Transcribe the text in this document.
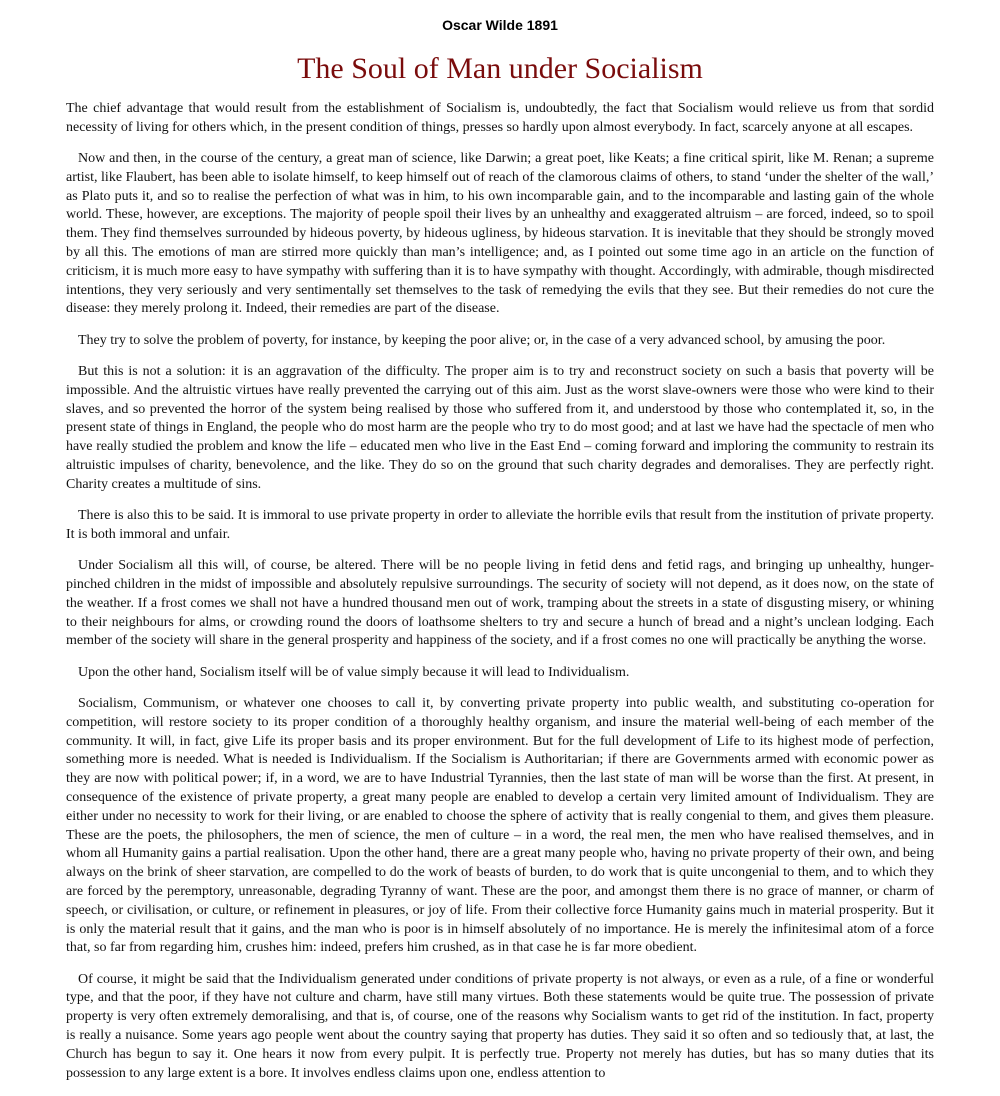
Oscar Wilde 1891
The Soul of Man under Socialism

The chief advantage that would result from the establishment of Socialism is, undoubtedly, the fact that Socialism would relieve us from that sordid necessity of living for others which, in the present condition of things, presses so hardly upon almost everybody. In fact, scarcely anyone at all escapes.

Now and then, in the course of the century, a great man of science, like Darwin; a great poet, like Keats; a fine critical spirit, like M. Renan; a supreme artist, like Flaubert, has been able to isolate himself, to keep himself out of reach of the clamorous claims of others, to stand ‘under the shelter of the wall,’ as Plato puts it, and so to realise the perfection of what was in him, to his own incomparable gain, and to the incomparable and lasting gain of the whole world. These, however, are exceptions. The majority of people spoil their lives by an unhealthy and exaggerated altruism – are forced, indeed, so to spoil them. They find themselves surrounded by hideous poverty, by hideous ugliness, by hideous starvation. It is inevitable that they should be strongly moved by all this. The emotions of man are stirred more quickly than man’s intelligence; and, as I pointed out some time ago in an article on the function of criticism, it is much more easy to have sympathy with suffering than it is to have sympathy with thought. Accordingly, with admirable, though misdirected intentions, they very seriously and very sentimentally set themselves to the task of remedying the evils that they see. But their remedies do not cure the disease: they merely prolong it. Indeed, their remedies are part of the disease.

They try to solve the problem of poverty, for instance, by keeping the poor alive; or, in the case of a very advanced school, by amusing the poor.

But this is not a solution: it is an aggravation of the difficulty. The proper aim is to try and reconstruct society on such a basis that poverty will be impossible. And the altruistic virtues have really prevented the carrying out of this aim. Just as the worst slave-owners were those who were kind to their slaves, and so prevented the horror of the system being realised by those who suffered from it, and understood by those who contemplated it, so, in the present state of things in England, the people who do most harm are the people who try to do most good; and at last we have had the spectacle of men who have really studied the problem and know the life – educated men who live in the East End – coming forward and imploring the community to restrain its altruistic impulses of charity, benevolence, and the like. They do so on the ground that such charity degrades and demoralises. They are perfectly right. Charity creates a multitude of sins.

There is also this to be said. It is immoral to use private property in order to alleviate the horrible evils that result from the institution of private property. It is both immoral and unfair.

Under Socialism all this will, of course, be altered. There will be no people living in fetid dens and fetid rags, and bringing up unhealthy, hunger-pinched children in the midst of impossible and absolutely repulsive surroundings. The security of society will not depend, as it does now, on the state of the weather. If a frost comes we shall not have a hundred thousand men out of work, tramping about the streets in a state of disgusting misery, or whining to their neighbours for alms, or crowding round the doors of loathsome shelters to try and secure a hunch of bread and a night’s unclean lodging. Each member of the society will share in the general prosperity and happiness of the society, and if a frost comes no one will practically be anything the worse.

Upon the other hand, Socialism itself will be of value simply because it will lead to Individualism.

Socialism, Communism, or whatever one chooses to call it, by converting private property into public wealth, and substituting co-operation for competition, will restore society to its proper condition of a thoroughly healthy organism, and insure the material well-being of each member of the community. It will, in fact, give Life its proper basis and its proper environment. But for the full development of Life to its highest mode of perfection, something more is needed. What is needed is Individualism. If the Socialism is Authoritarian; if there are Governments armed with economic power as they are now with political power; if, in a word, we are to have Industrial Tyrannies, then the last state of man will be worse than the first. At present, in consequence of the existence of private property, a great many people are enabled to develop a certain very limited amount of Individualism. They are either under no necessity to work for their living, or are enabled to choose the sphere of activity that is really congenial to them, and gives them pleasure. These are the poets, the philosophers, the men of science, the men of culture – in a word, the real men, the men who have realised themselves, and in whom all Humanity gains a partial realisation. Upon the other hand, there are a great many people who, having no private property of their own, and being always on the brink of sheer starvation, are compelled to do the work of beasts of burden, to do work that is quite uncongenial to them, and to which they are forced by the peremptory, unreasonable, degrading Tyranny of want. These are the poor, and amongst them there is no grace of manner, or charm of speech, or civilisation, or culture, or refinement in pleasures, or joy of life. From their collective force Humanity gains much in material prosperity. But it is only the material result that it gains, and the man who is poor is in himself absolutely of no importance. He is merely the infinitesimal atom of a force that, so far from regarding him, crushes him: indeed, prefers him crushed, as in that case he is far more obedient.

Of course, it might be said that the Individualism generated under conditions of private property is not always, or even as a rule, of a fine or wonderful type, and that the poor, if they have not culture and charm, have still many virtues. Both these statements would be quite true. The possession of private property is very often extremely demoralising, and that is, of course, one of the reasons why Socialism wants to get rid of the institution. In fact, property is really a nuisance. Some years ago people went about the country saying that property has duties. They said it so often and so tediously that, at last, the Church has begun to say it. One hears it now from every pulpit. It is perfectly true. Property not merely has duties, but has so many duties that its possession to any large extent is a bore. It involves endless claims upon one, endless attention to
